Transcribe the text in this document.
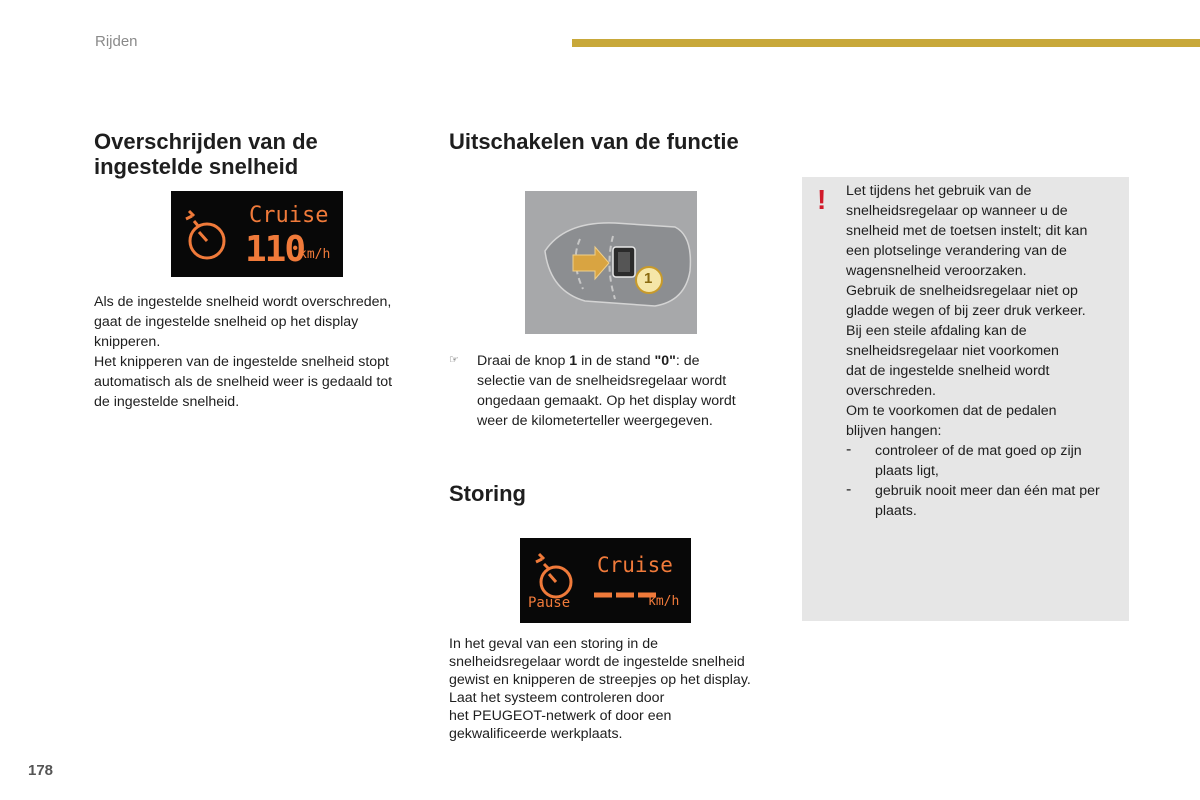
Rijden
Overschrijden van de
ingestelde snelheid
Cruise
110
km/h

Als de ingestelde snelheid wordt overschreden,

gaat de ingestelde snelheid op het display

knipperen.

Het knipperen van de ingestelde snelheid stopt

automatisch als de snelheid weer is gedaald tot

de ingestelde snelheid.

Uitschakelen van de functie
1
☞ Draai de knop 1 in de stand "0": de

selectie van de snelheidsregelaar wordt

ongedaan gemaakt. Op het display wordt

weer de kilometerteller weergegeven.

Storing
Cruise
Pause	km/h

In het geval van een storing in de

snelheidsregelaar wordt de ingestelde snelheid

gewist en knipperen de streepjes op het display.

Laat het systeem controleren door

het PEUGEOT-netwerk of door een

gekwalificeerde werkplaats.

! Let tijdens het gebruik van de

snelheidsregelaar op wanneer u de

snelheid met de toetsen instelt; dit kan

een plotselinge verandering van de

wagensnelheid veroorzaken.

Gebruik de snelheidsregelaar niet op

gladde wegen of bij zeer druk verkeer.

Bij een steile afdaling kan de

snelheidsregelaar niet voorkomen

dat de ingestelde snelheid wordt

overschreden.

Om te voorkomen dat de pedalen

blijven hangen:

- controleer of de mat goed op zijn

plaats ligt,

- gebruik nooit meer dan één mat per

plaats.

178
